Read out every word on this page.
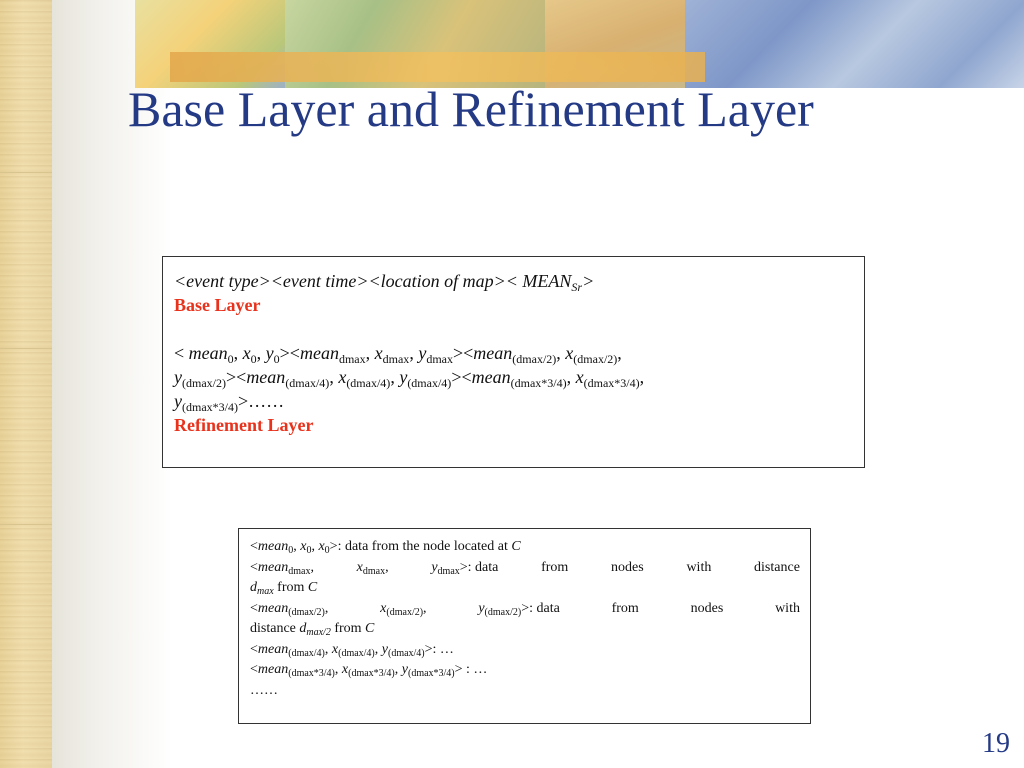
Base Layer and Refinement Layer
<event type><event time><location of $map>< MEAN_{Sr}>$
Base Layer
< mean$_0$, $x_0$, $y_0><mean_{dmax}$, $x_{dmax}$, $y_{dmax}><mean_{(dmax/2)}$, $x_{(dmax/2)}$,
$y_{(dmax/2)}><mean_{(dmax/4)}$, $x_{(dmax/4)}$, $y_{(dmax/4)}><mean_{(dmax*3/4)}$, $x_{(dmax*3/4)}$,
$y_{(dmax*3/4)}>\dots\dots$
Refinement Layer
<mean$_0$, $x_0$, $x_0>$: data from the node located at C
<mean$_{dmax}$,	$x_{dmax}$,	$y_{dmax}>$: data	from	nodes	with	distance
$d_{max}$ from C
<mean$_{(dmax/2)}$,	$x_{(dmax/2)}$,	$y_{(dmax/2)}>$: data	from	nodes	with
distance $d_{max/2}$ from C
<mean$_{(dmax/4)}$, $x_{(dmax/4)}$, $y_{(dmax/4)}>$: …
<mean$_{(dmax*3/4)}$, $x_{(dmax*3/4)}$, $y_{(dmax*3/4)}>$ : …
……
19
